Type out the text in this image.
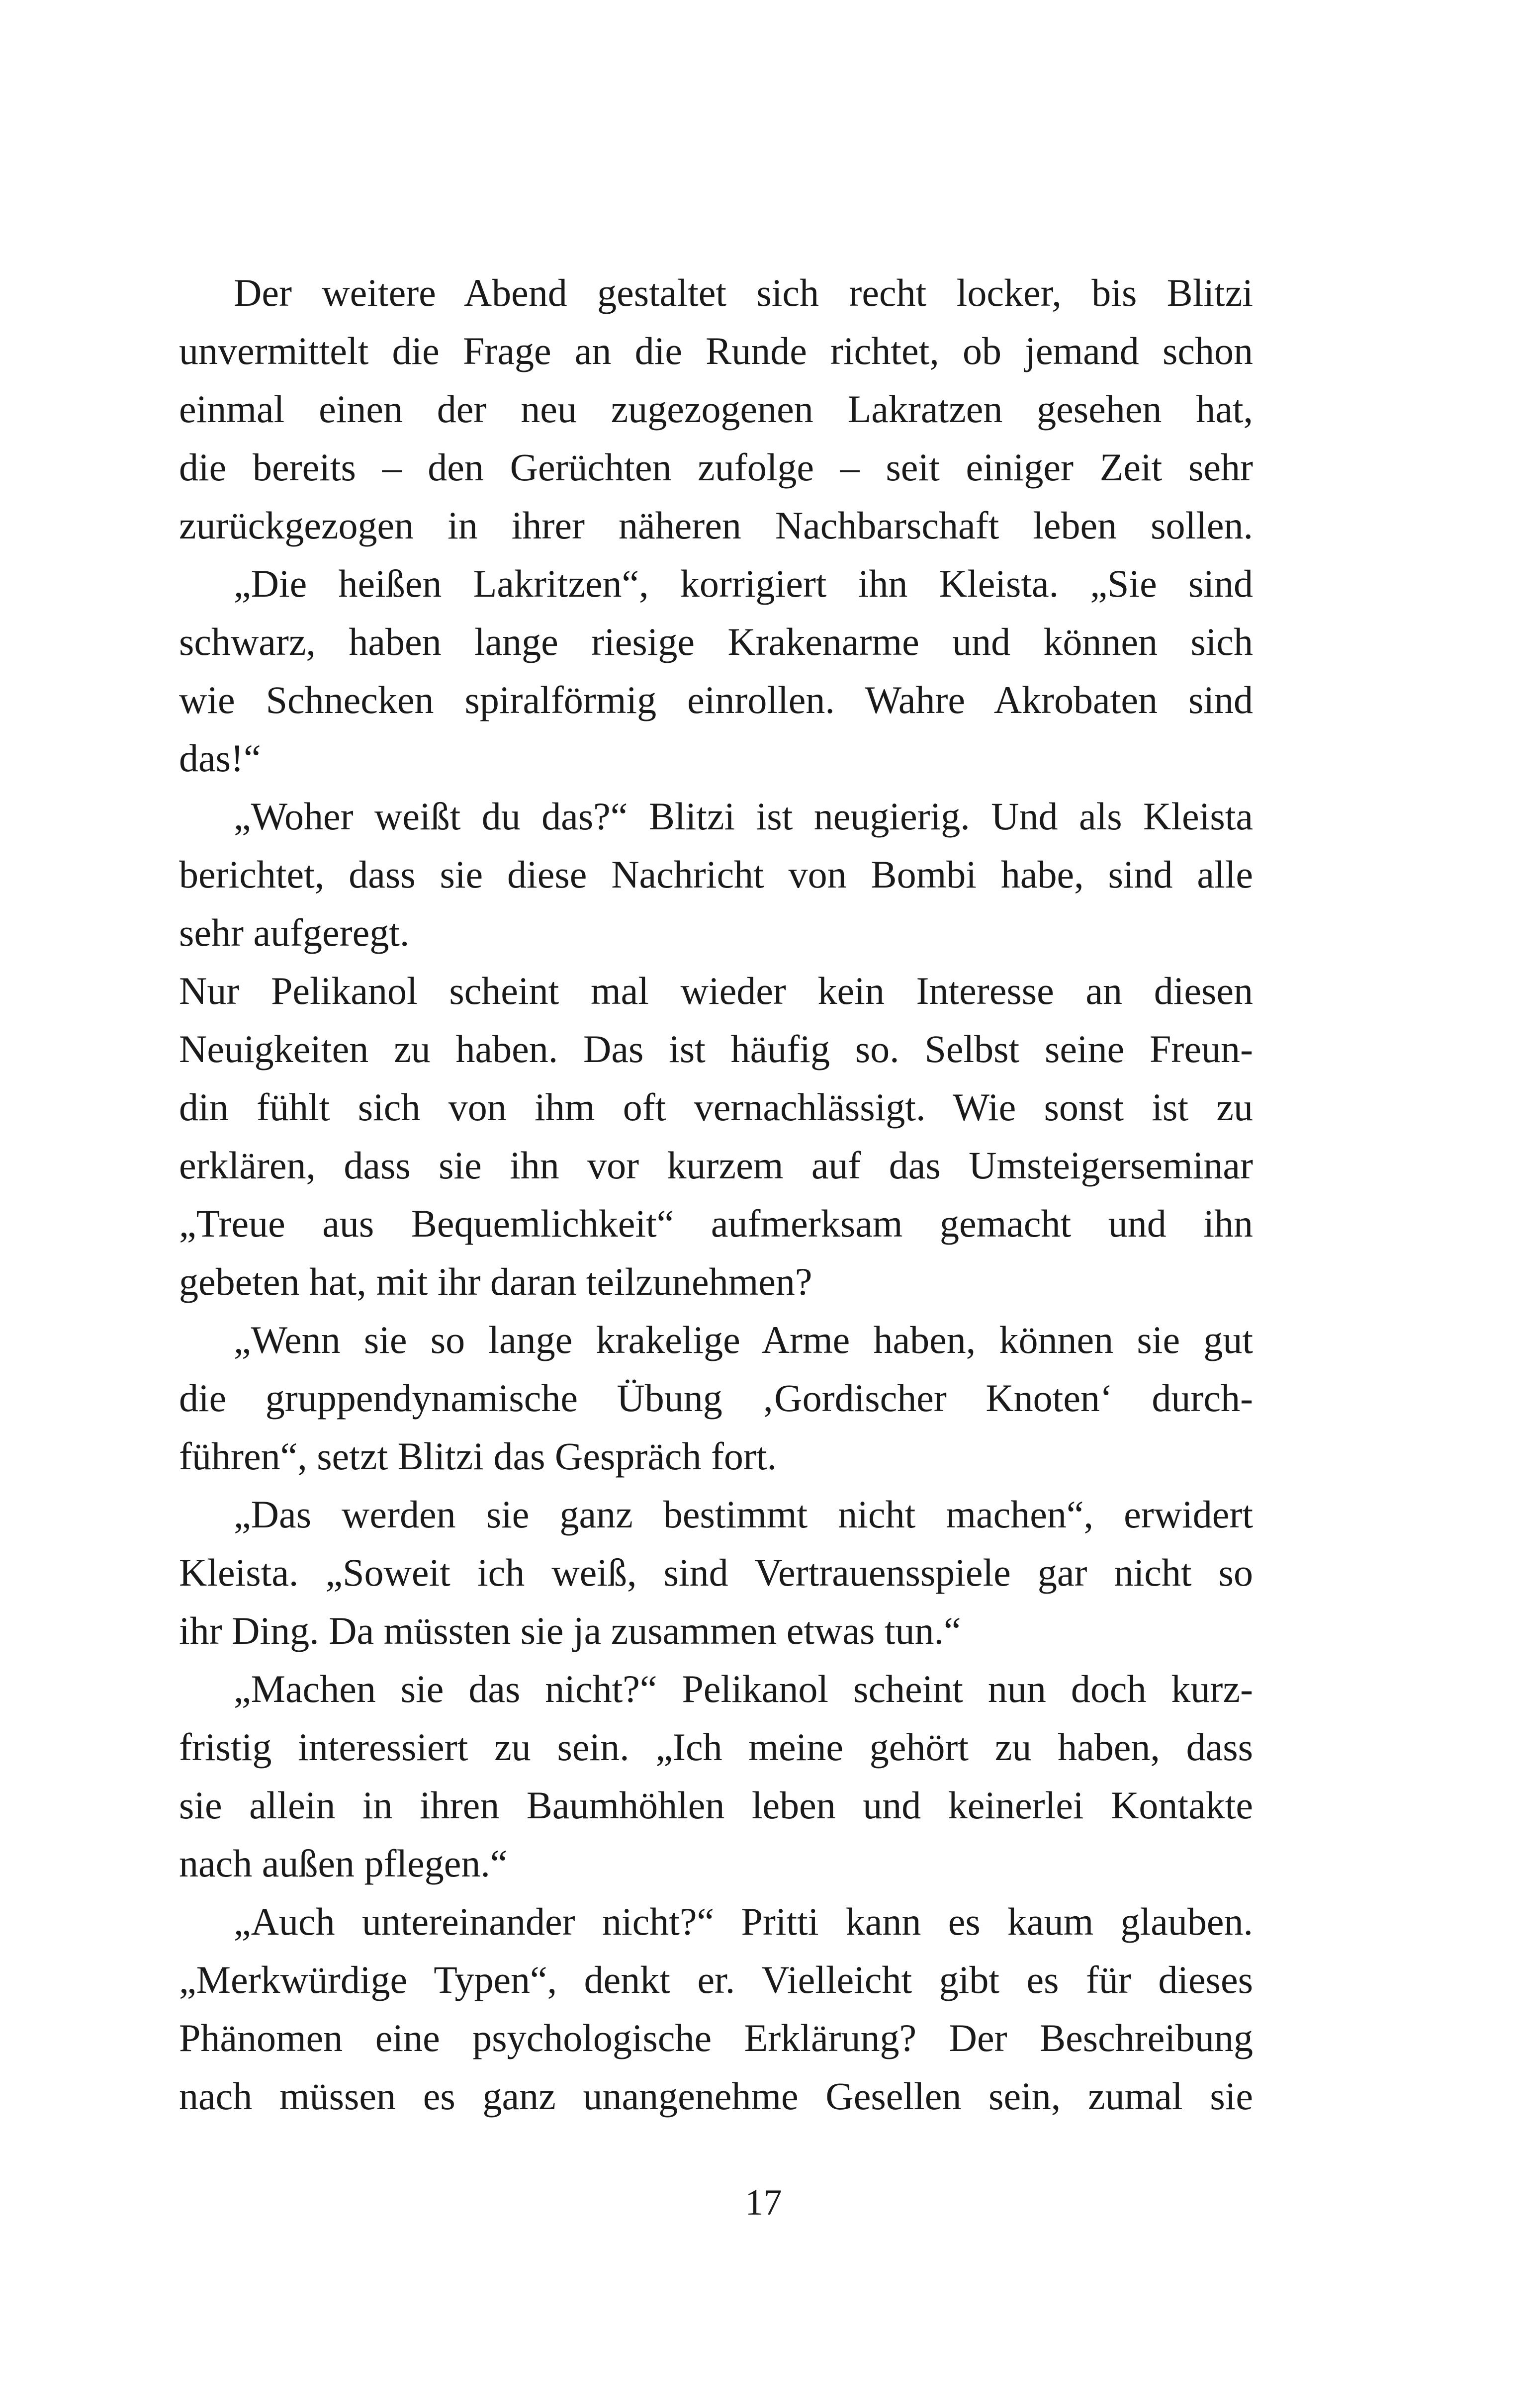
Der weitere Abend gestaltet sich recht locker, bis Blitzi
unvermittelt die Frage an die Runde richtet, ob jemand schon
einmal einen der neu zugezogenen Lakratzen gesehen hat,
die bereits – den Gerüchten zufolge – seit einiger Zeit sehr
zurückgezogen in ihrer näheren Nachbarschaft leben sollen.
„Die heißen Lakritzen“, korrigiert ihn Kleista. „Sie sind
schwarz, haben lange riesige Krakenarme und können sich
wie Schnecken spiralförmig einrollen. Wahre Akrobaten sind
das!“
„Woher weißt du das?“ Blitzi ist neugierig. Und als Kleista
berichtet, dass sie diese Nachricht von Bombi habe, sind alle
sehr aufgeregt.
Nur Pelikanol scheint mal wieder kein Interesse an diesen
Neuigkeiten zu haben. Das ist häufig so. Selbst seine Freun-
din fühlt sich von ihm oft vernachlässigt. Wie sonst ist zu
erklären, dass sie ihn vor kurzem auf das Umsteigerseminar
„Treue aus Bequemlichkeit“ aufmerksam gemacht und ihn
gebeten hat, mit ihr daran teilzunehmen?
„Wenn sie so lange krakelige Arme haben, können sie gut
die gruppendynamische Übung ‚Gordischer Knoten‘ durch-
führen“, setzt Blitzi das Gespräch fort.
„Das werden sie ganz bestimmt nicht machen“, erwidert
Kleista. „Soweit ich weiß, sind Vertrauensspiele gar nicht so
ihr Ding. Da müssten sie ja zusammen etwas tun.“
„Machen sie das nicht?“ Pelikanol scheint nun doch kurz-
fristig interessiert zu sein. „Ich meine gehört zu haben, dass
sie allein in ihren Baumhöhlen leben und keinerlei Kontakte
nach außen pflegen.“
„Auch untereinander nicht?“ Pritti kann es kaum glauben.
„Merkwürdige Typen“, denkt er. Vielleicht gibt es für dieses
Phänomen eine psychologische Erklärung? Der Beschreibung
nach müssen es ganz unangenehme Gesellen sein, zumal sie
17
